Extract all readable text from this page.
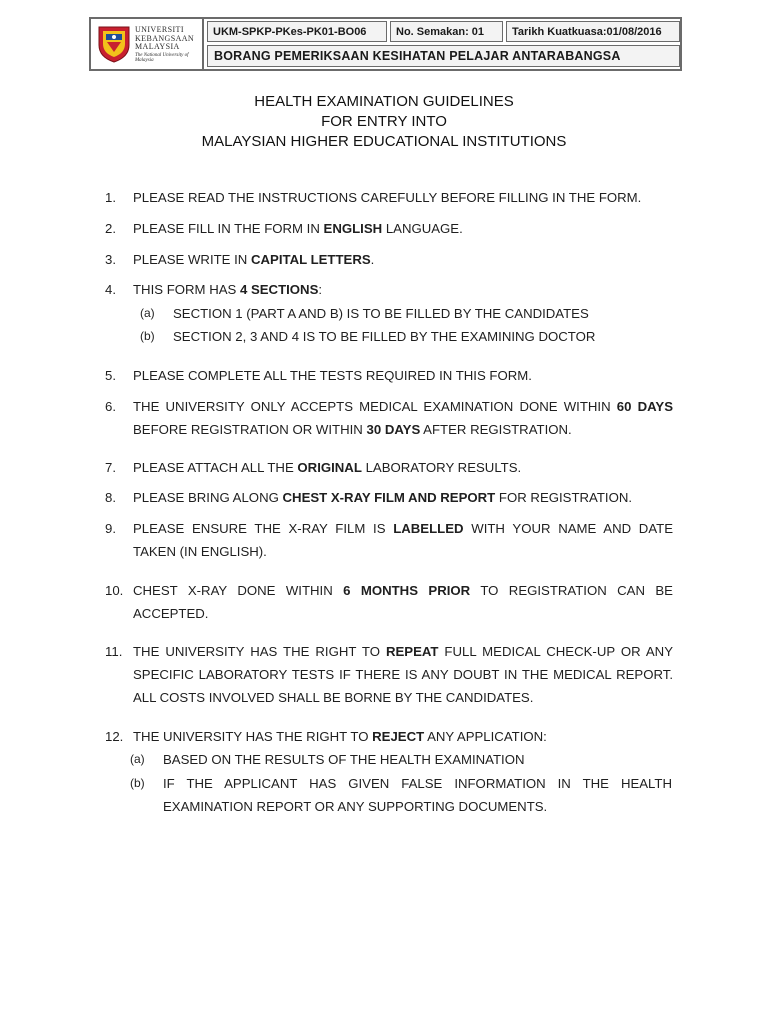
UNIVERSITI
KEBANGSAAN
MALAYSIA
The National University of Malaysia
UKM-SPKP-PKes-PK01-BO06	No. Semakan: 01	Tarikh Kuatkuasa:01/08/2016
BORANG PEMERIKSAAN KESIHATAN PELAJAR ANTARABANGSA
HEALTH EXAMINATION GUIDELINES
FOR ENTRY INTO
MALAYSIAN HIGHER EDUCATIONAL INSTITUTIONS
1. PLEASE READ THE INSTRUCTIONS CAREFULLY BEFORE FILLING IN THE FORM.
2. PLEASE FILL IN THE FORM IN ENGLISH LANGUAGE.
3. PLEASE WRITE IN CAPITAL LETTERS.
4. THIS FORM HAS 4 SECTIONS:
(a) SECTION 1 (PART A AND B) IS TO BE FILLED BY THE CANDIDATES
(b) SECTION 2, 3 AND 4 IS TO BE FILLED BY THE EXAMINING DOCTOR
5. PLEASE COMPLETE ALL THE TESTS REQUIRED IN THIS FORM.
6. THE UNIVERSITY ONLY ACCEPTS MEDICAL EXAMINATION DONE WITHIN 60 DAYS BEFORE REGISTRATION OR WITHIN 30 DAYS AFTER REGISTRATION.
7. PLEASE ATTACH ALL THE ORIGINAL LABORATORY RESULTS.
8. PLEASE BRING ALONG CHEST X-RAY FILM AND REPORT FOR REGISTRATION.
9. PLEASE ENSURE THE X-RAY FILM IS LABELLED WITH YOUR NAME AND DATE TAKEN (IN ENGLISH).
10. CHEST X-RAY DONE WITHIN 6 MONTHS PRIOR TO REGISTRATION CAN BE ACCEPTED.
11. THE UNIVERSITY HAS THE RIGHT TO REPEAT FULL MEDICAL CHECK-UP OR ANY SPECIFIC LABORATORY TESTS IF THERE IS ANY DOUBT IN THE MEDICAL REPORT. ALL COSTS INVOLVED SHALL BE BORNE BY THE CANDIDATES.
12. THE UNIVERSITY HAS THE RIGHT TO REJECT ANY APPLICATION:
(a) BASED ON THE RESULTS OF THE HEALTH EXAMINATION
(b) IF THE APPLICANT HAS GIVEN FALSE INFORMATION IN THE HEALTH EXAMINATION REPORT OR ANY SUPPORTING DOCUMENTS.
